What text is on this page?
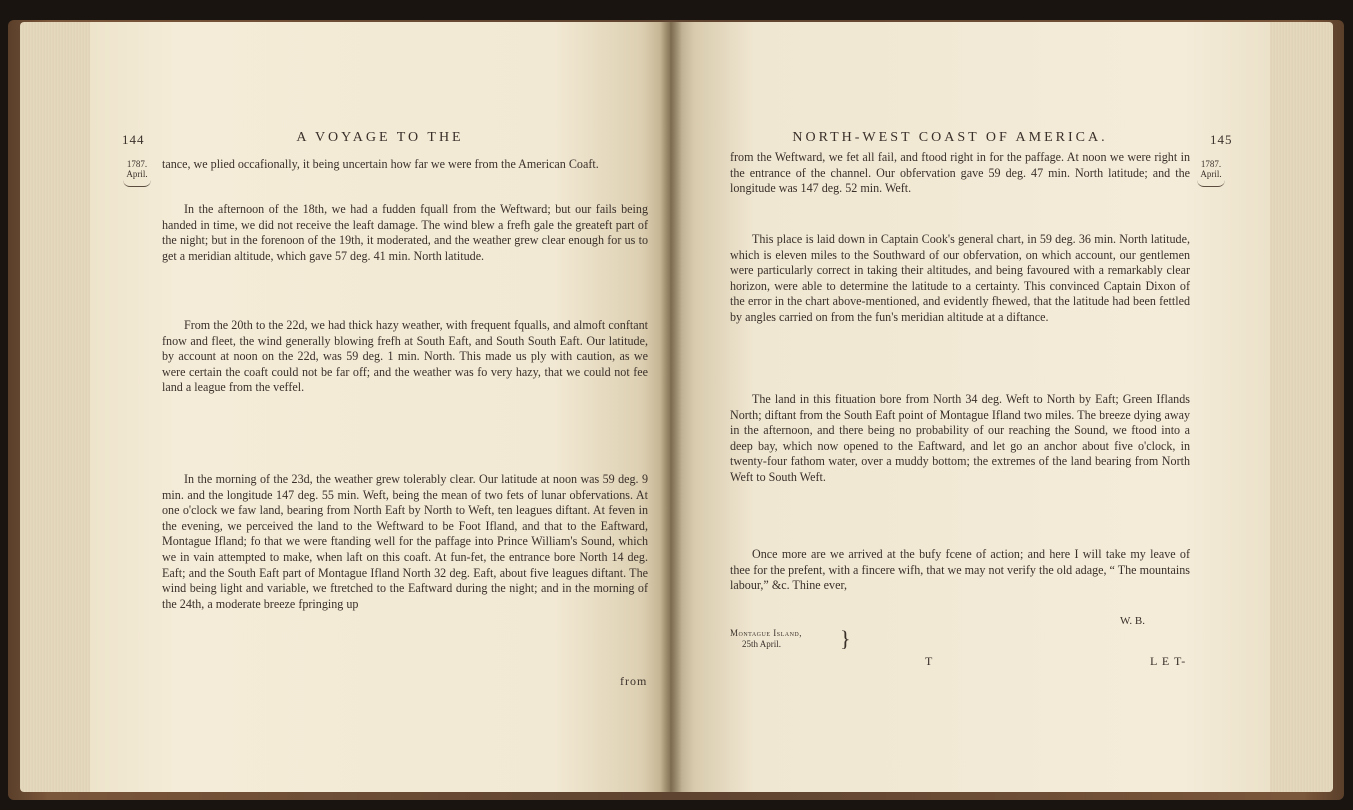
144	A VOYAGE TO THE
1787.
April.

tance, we plied occafionally, it being uncertain how far we were from the American Coaft.

In the afternoon of the 18th, we had a fudden fquall from the Weftward; but our fails being handed in time, we did not receive the leaft damage. The wind blew a frefh gale the greateft part of the night; but in the forenoon of the 19th, it moderated, and the weather grew clear enough for us to get a meridian altitude, which gave 57 deg. 41 min. North latitude.

From the 20th to the 22d, we had thick hazy weather, with frequent fqualls, and almoft conftant fnow and fleet, the wind generally blowing frefh at South Eaft, and South South Eaft. Our latitude, by account at noon on the 22d, was 59 deg. 1 min. North. This made us ply with caution, as we were certain the coaft could not be far off; and the weather was fo very hazy, that we could not fee land a league from the veffel.

In the morning of the 23d, the weather grew tolerably clear. Our latitude at noon was 59 deg. 9 min. and the longitude 147 deg. 55 min. Weft, being the mean of two fets of lunar obfervations. At one o'clock we faw land, bearing from North Eaft by North to Weft, ten leagues diftant. At feven in the evening, we perceived the land to the Weftward to be Foot Ifland, and that to the Eaftward, Montague Ifland; fo that we were ftanding well for the paffage into Prince William's Sound, which we in vain attempted to make, when laft on this coaft. At fun-fet, the entrance bore North 14 deg. Eaft; and the South Eaft part of Montague Ifland North 32 deg. Eaft, about five leagues diftant. The wind being light and variable, we ftretched to the Eaftward during the night; and in the morning of the 24th, a moderate breeze fpringing up

from
NORTH-WEST COAST OF AMERICA.	145
1787.
April.

from the Weftward, we fet all fail, and ftood right in for the paffage. At noon we were right in the entrance of the channel. Our obfervation gave 59 deg. 47 min. North latitude; and the longitude was 147 deg. 52 min. Weft.

This place is laid down in Captain Cook's general chart, in 59 deg. 36 min. North latitude, which is eleven miles to the Southward of our obfervation, on which account, our gentlemen were particularly correct in taking their altitudes, and being favoured with a remarkably clear horizon, were able to determine the latitude to a certainty. This convinced Captain Dixon of the error in the chart above-mentioned, and evidently fhewed, that the latitude had been fettled by angles carried on from the fun's meridian altitude at a diftance.

The land in this fituation bore from North 34 deg. Weft to North by Eaft; Green Iflands North; diftant from the South Eaft point of Montague Ifland two miles. The breeze dying away in the afternoon, and there being no probability of our reaching the Sound, we ftood into a deep bay, which now opened to the Eaftward, and let go an anchor about five o'clock, in twenty-four fathom water, over a muddy bottom; the extremes of the land bearing from North Weft to South Weft.

Once more are we arrived at the bufy fcene of action; and here I will take my leave of thee for the prefent, with a fincere wifh, that we may not verify the old adage, “ The mountains labour,” &c. Thine ever,

W. B.
Montague Island,
25th April.	}
T	L E T-
